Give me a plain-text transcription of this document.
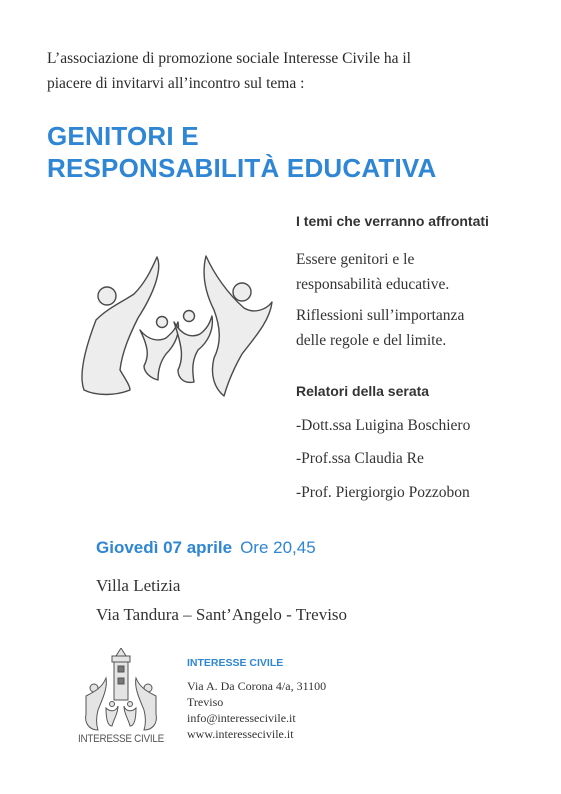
L’associazione di promozione sociale Interesse Civile ha il
piacere di invitarvi all’incontro sul tema :
GENITORI E
RESPONSABILITÀ EDUCATIVA
I temi che verranno affrontati
Essere genitori e le
responsabilità educative.
Riflessioni sull’importanza
delle regole e del limite.
Relatori della serata
-Dott.ssa Luigina Boschiero
-Prof.ssa Claudia Re
-Prof. Piergiorgio Pozzobon
Giovedì 07 aprile Ore 20,45
Villa Letizia
Via Tandura – Sant’Angelo - Treviso
INTERESSE CIVILE
INTERESSE CIVILE
Via A. Da Corona 4/a, 31100
Treviso
info@interessecivile.it
www.interessecivile.it
